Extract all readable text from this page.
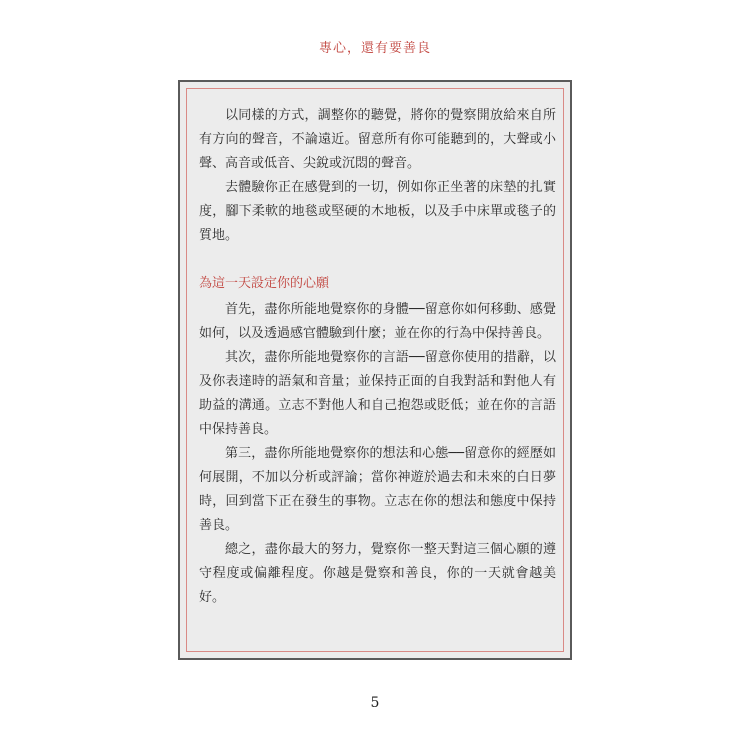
專心，還有要善良

以同樣的方式，調整你的聽覺，將你的覺察開放給來自所有方向的聲音，不論遠近。留意所有你可能聽到的，大聲或小聲、高音或低音、尖銳或沉悶的聲音。

去體驗你正在感覺到的一切，例如你正坐著的床墊的扎實度，腳下柔軟的地毯或堅硬的木地板，以及手中床單或毯子的質地。

為這一天設定你的心願

首先，盡你所能地覺察你的身體──留意你如何移動、感覺如何，以及透過感官體驗到什麼；並在你的行為中保持善良。

其次，盡你所能地覺察你的言語──留意你使用的措辭，以及你表達時的語氣和音量；並保持正面的自我對話和對他人有助益的溝通。立志不對他人和自己抱怨或貶低；並在你的言語中保持善良。

第三，盡你所能地覺察你的想法和心態──留意你的經歷如何展開，不加以分析或評論；當你神遊於過去和未來的白日夢時，回到當下正在發生的事物。立志在你的想法和態度中保持善良。

總之，盡你最大的努力，覺察你一整天對這三個心願的遵守程度或偏離程度。你越是覺察和善良，你的一天就會越美好。

5
